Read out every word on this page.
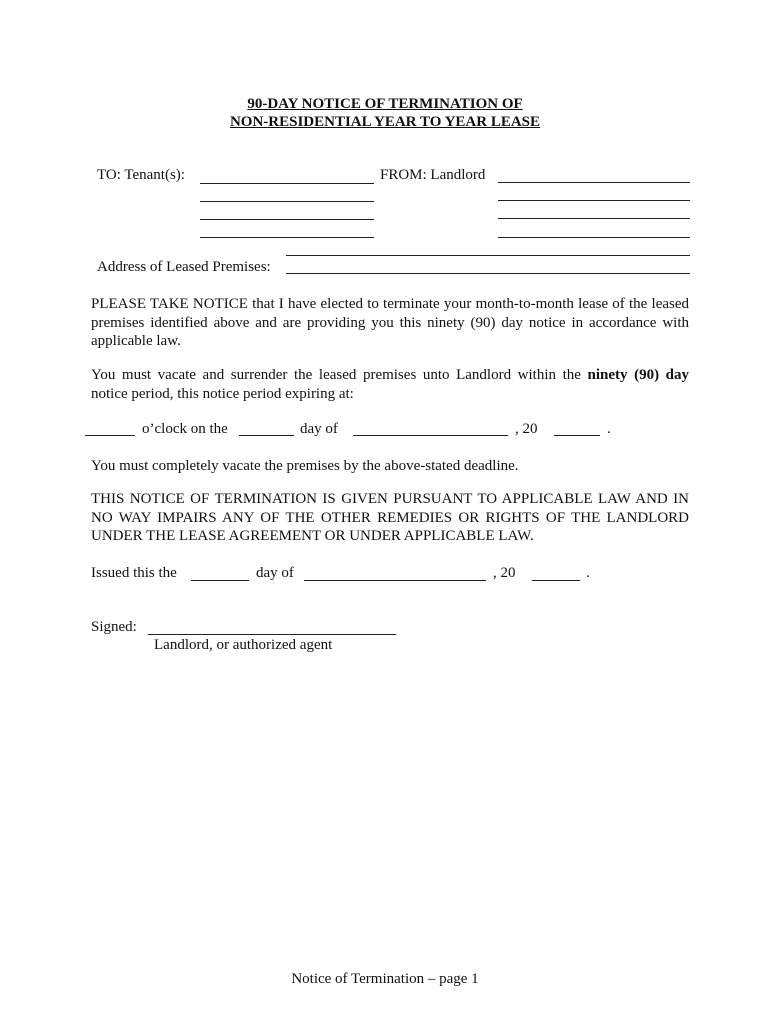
90-DAY NOTICE OF TERMINATION OF
NON-RESIDENTIAL YEAR TO YEAR LEASE
TO: Tenant(s):	FROM: Landlord
Address of Leased Premises:
PLEASE TAKE NOTICE that I have elected to terminate your month-to-month lease of the leased premises identified above and are providing you this ninety (90) day notice in accordance with applicable law.
You must vacate and surrender the leased premises unto Landlord within the ninety (90) day notice period, this notice period expiring at:
o’clock on the	day of	, 20	.
You must completely vacate the premises by the above-stated deadline.
THIS NOTICE OF TERMINATION IS GIVEN PURSUANT TO APPLICABLE LAW AND IN NO WAY IMPAIRS ANY OF THE OTHER REMEDIES OR RIGHTS OF THE LANDLORD UNDER THE LEASE AGREEMENT OR UNDER APPLICABLE LAW.
Issued this the	day of	, 20	.
Signed:
Landlord, or authorized agent
Notice of Termination – page 1
